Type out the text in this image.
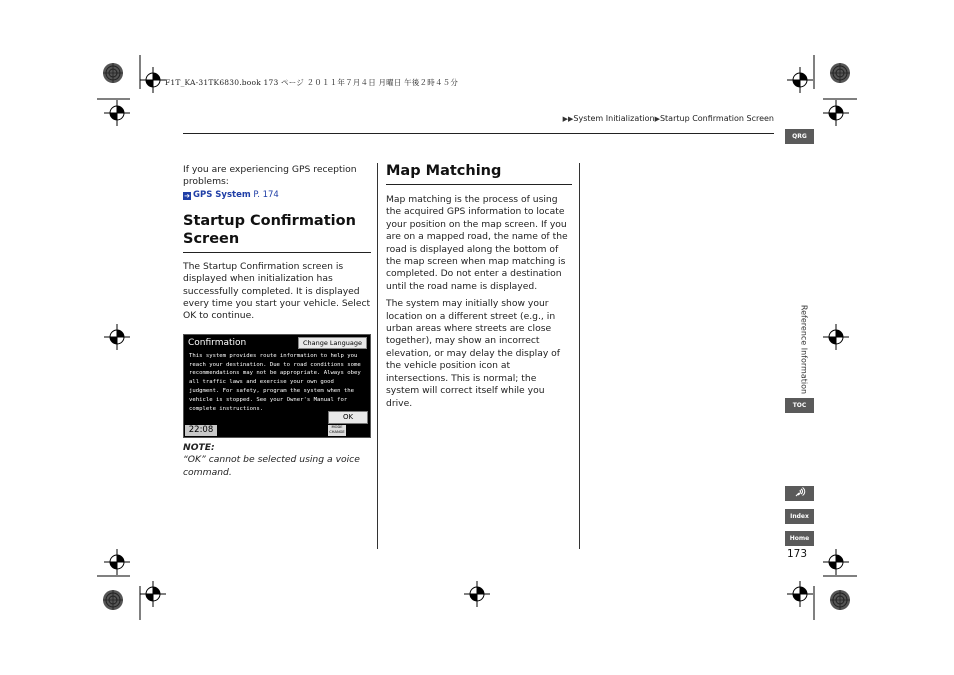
F1T_KA-31TK6830.book 173 ページ ２０１１年７月４日 月曜日 午後２時４５分
▶▶System Initialization▶Startup Confirmation Screen
If you are experiencing GPS reception problems:
➔ GPS System P. 174
Startup Confirmation Screen
The Startup Confirmation screen is displayed when initialization has successfully completed. It is displayed every time you start your vehicle. Select OK to continue.
Confirmation	Change Language
This system provides route information to help you reach your destination. Due to road conditions some recommendations may not be appropriate. Always obey all traffic laws and exercise your own good judgment. For safety, program the system when the vehicle is stopped. See your Owner's Manual for complete instructions.
OK
22:08	MODE
CHANGE
NOTE:
“OK” cannot be selected using a voice command.
Map Matching
Map matching is the process of using the acquired GPS information to locate your position on the map screen. If you are on a mapped road, the name of the road is displayed along the bottom of the map screen when map matching is completed. Do not enter a destination until the road name is displayed.
The system may initially show your location on a different street (e.g., in urban areas where streets are close together), may show an incorrect elevation, or may delay the display of the vehicle position icon at intersections. This is normal; the system will correct itself while you drive.
QRG
Reference Information
TOC
Index
Home
173
